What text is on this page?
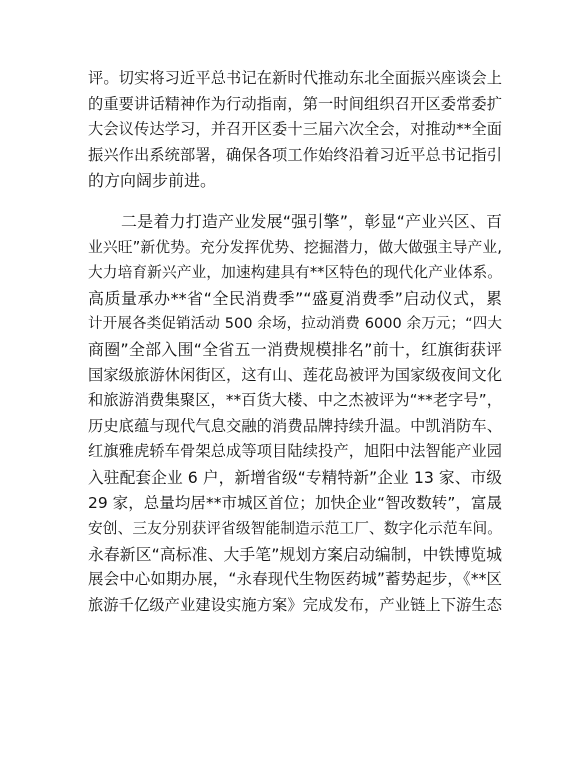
评。切实将习近平总书记在新时代推动东北全面振兴座谈会上
的重要讲话精神作为行动指南，第一时间组织召开区委常委扩
大会议传达学习，并召开区委十三届六次全会，对推动**全面
振兴作出系统部署，确保各项工作始终沿着习近平总书记指引
的方向阔步前进。
二是着力打造产业发展“强引擎”，彰显“产业兴区、百
业兴旺”新优势。充分发挥优势、挖掘潜力，做大做强主导产业,
大力培育新兴产业，加速构建具有**区特色的现代化产业体系。
高质量承办**省“全民消费季”“盛夏消费季”启动仪式，累
计开展各类促销活动 500 余场，拉动消费 6000 余万元；“四大
商圈”全部入围“全省五一消费规模排名”前十，红旗街获评
国家级旅游休闲街区，这有山、莲花岛被评为国家级夜间文化
和旅游消费集聚区，**百货大楼、中之杰被评为“**老字号”，
历史底蕴与现代气息交融的消费品牌持续升温。中凯消防车、
红旗雅虎轿车骨架总成等项目陆续投产，旭阳中法智能产业园
入驻配套企业 6 户，新增省级“专精特新”企业 13 家、市级
29 家，总量均居**市城区首位；加快企业“智改数转”，富晟
安创、三友分别获评省级智能制造示范工厂、数字化示范车间。
永春新区“高标准、大手笔”规划方案启动编制，中铁博览城
展会中心如期办展，“永春现代生物医药城”蓄势起步，《**区
旅游千亿级产业建设实施方案》完成发布，产业链上下游生态
